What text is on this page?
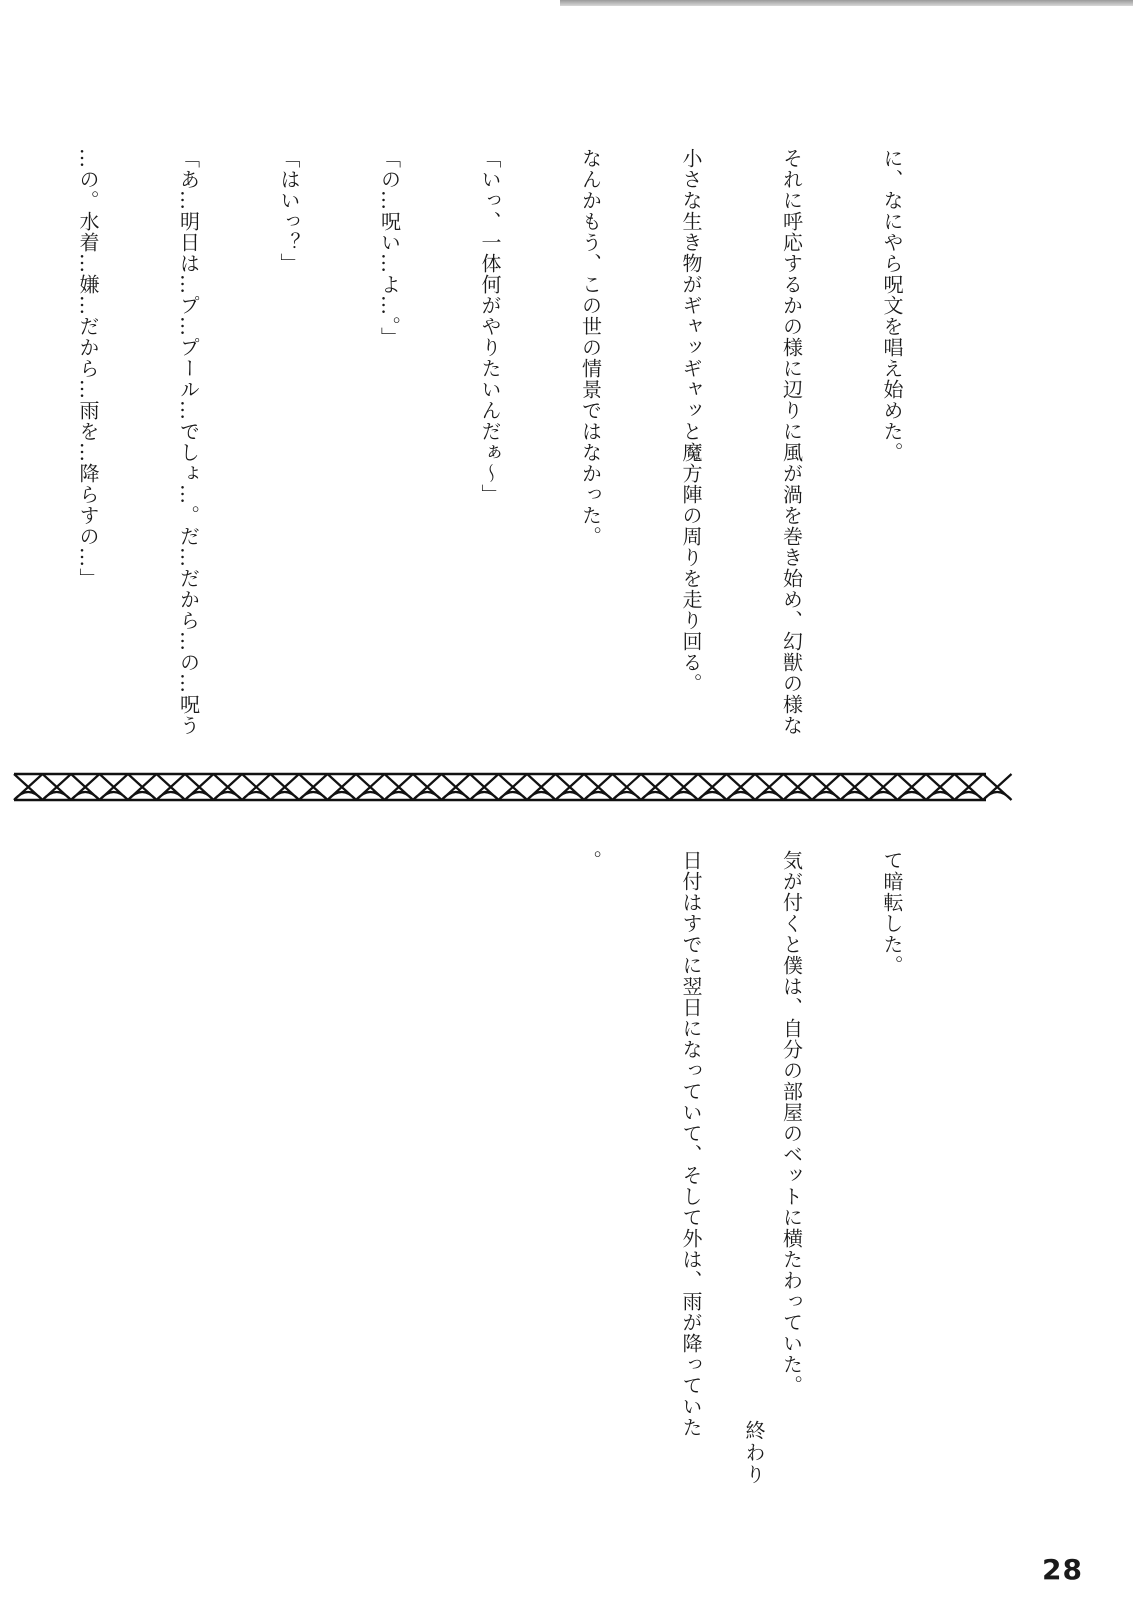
に、なにやら呪文を唱え始めた。

それに呼応するかの様に辺りに風が渦を巻き始め、幻獣の様な

小さな生き物がギャッギャッと魔方陣の周りを走り回る。

なんかもう、この世の情景ではなかった。

「いっ、一体何がやりたいんだぁ〜」

「の…呪い…よ…。」

「はいっ？」

「あ…明日は…プ…プール…でしょ…。だ…だから…の…呪う

…の。水着…嫌…だから…雨を…降らすの…」

て暗転した。

気が付くと僕は、自分の部屋のベットに横たわっていた。

日付はすでに翌日になっていて、そして外は、雨が降っていた

。

終わり
28
